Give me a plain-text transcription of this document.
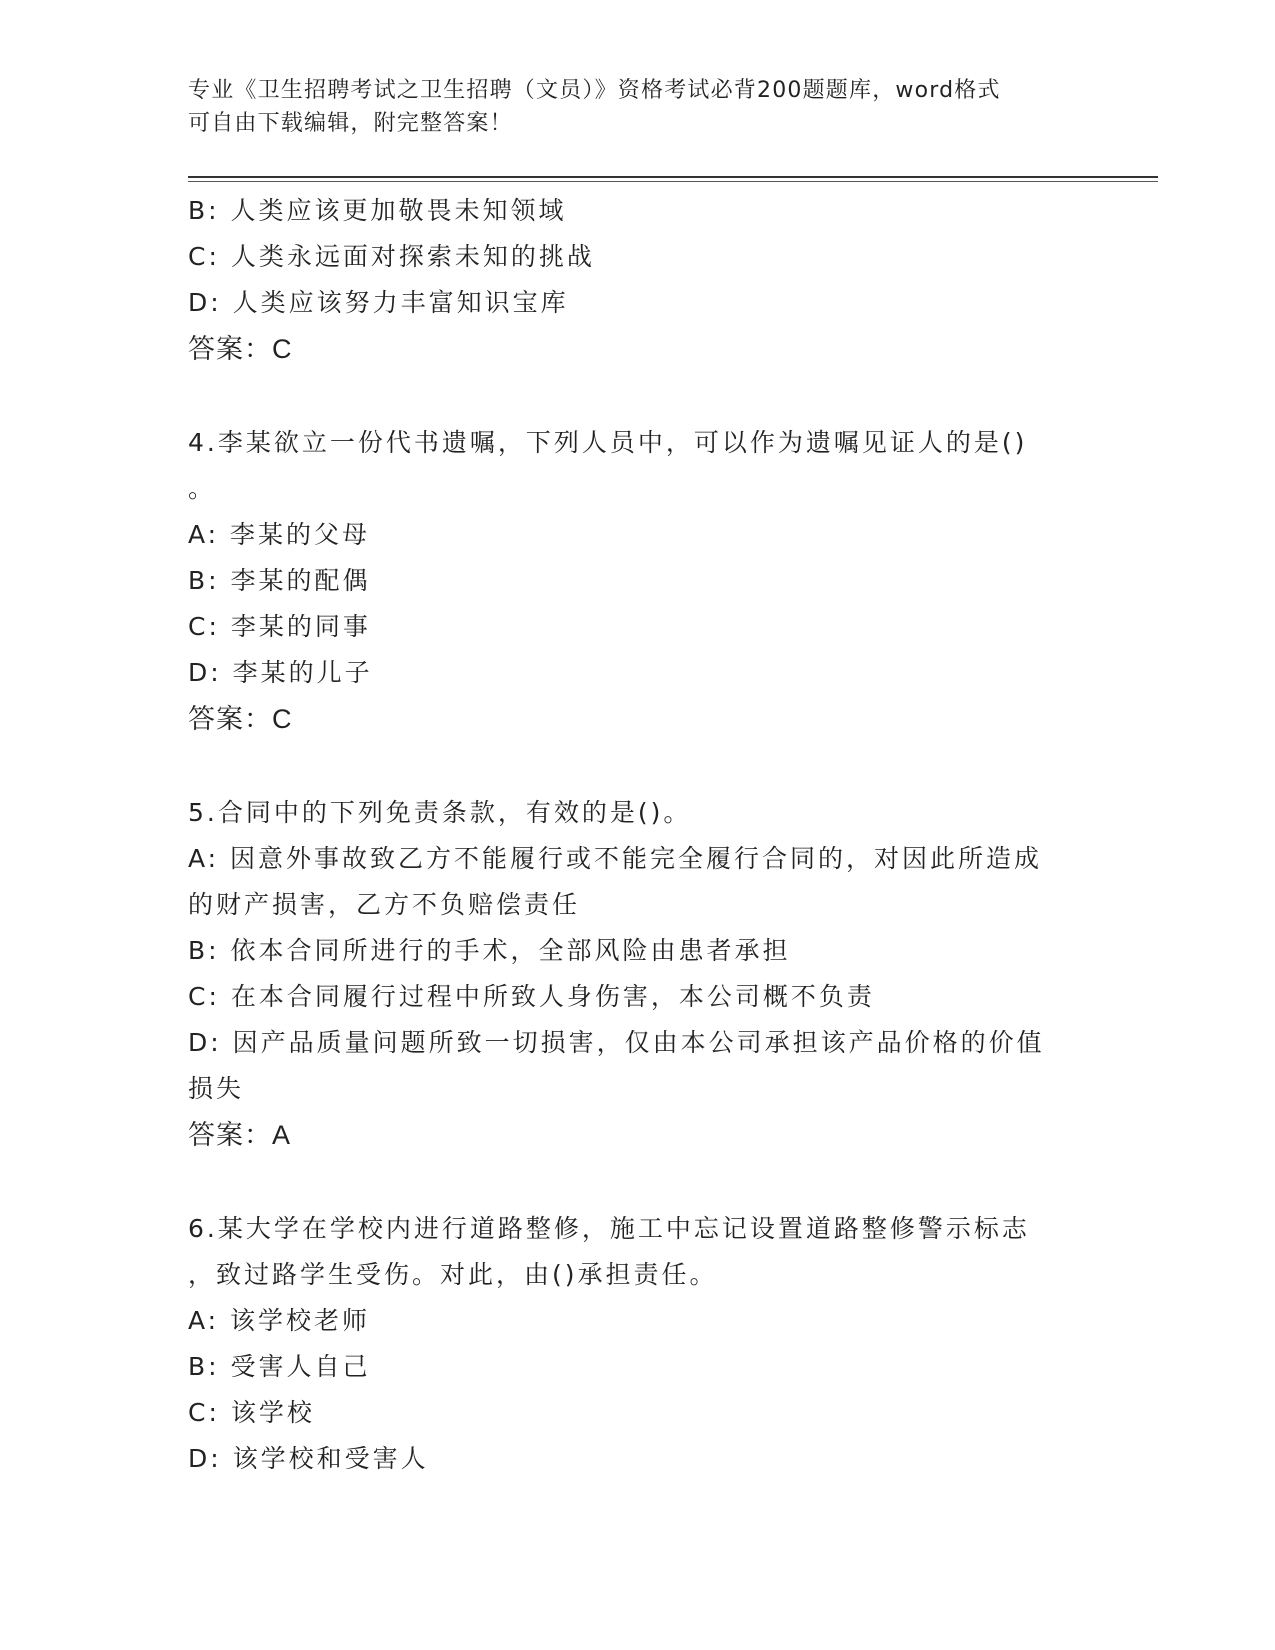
专业《卫生招聘考试之卫生招聘（文员）》资格考试必背200题题库，word格式
可自由下载编辑，附完整答案！
B: 人类应该更加敬畏未知领域
C: 人类永远面对探索未知的挑战
D: 人类应该努力丰富知识宝库
答案：C
4.李某欲立一份代书遗嘱，下列人员中，可以作为遗嘱见证人的是()
。
A: 李某的父母
B: 李某的配偶
C: 李某的同事
D: 李某的儿子
答案：C
5.合同中的下列免责条款，有效的是()。
A: 因意外事故致乙方不能履行或不能完全履行合同的，对因此所造成
的财产损害，乙方不负赔偿责任
B: 依本合同所进行的手术，全部风险由患者承担
C: 在本合同履行过程中所致人身伤害，本公司概不负责
D: 因产品质量问题所致一切损害，仅由本公司承担该产品价格的价值
损失
答案：A
6.某大学在学校内进行道路整修，施工中忘记设置道路整修警示标志
，致过路学生受伤。对此，由()承担责任。
A: 该学校老师
B: 受害人自己
C: 该学校
D: 该学校和受害人
